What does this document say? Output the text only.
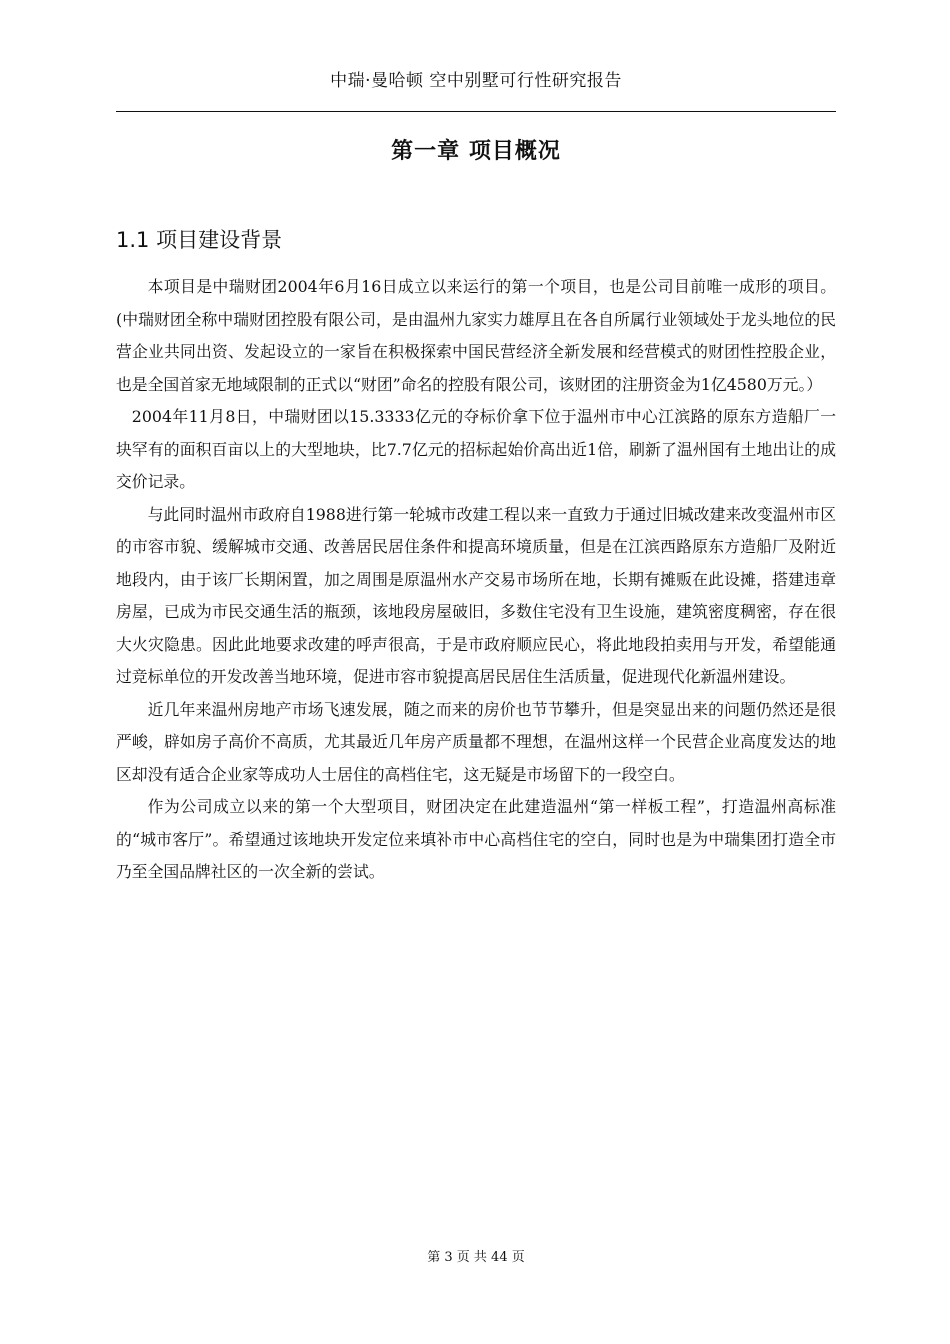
中瑞·曼哈顿 空中别墅可行性研究报告
第一章 项目概况
1.1 项目建设背景

本项目是中瑞财团2004年6月16日成立以来运行的第一个项目，也是公司目前唯一成形的项目。(中瑞财团全称中瑞财团控股有限公司，是由温州九家实力雄厚且在各自所属行业领域处于龙头地位的民营企业共同出资、发起设立的一家旨在积极探索中国民营经济全新发展和经营模式的财团性控股企业，也是全国首家无地域限制的正式以“财团”命名的控股有限公司，该财团的注册资金为1亿4580万元。）

2004年11月8日，中瑞财团以15.3333亿元的夺标价拿下位于温州市中心江滨路的原东方造船厂一块罕有的面积百亩以上的大型地块，比7.7亿元的招标起始价高出近1倍，刷新了温州国有土地出让的成交价记录。

与此同时温州市政府自1988进行第一轮城市改建工程以来一直致力于通过旧城改建来改变温州市区的市容市貌、缓解城市交通、改善居民居住条件和提高环境质量，但是在江滨西路原东方造船厂及附近地段内，由于该厂长期闲置，加之周围是原温州水产交易市场所在地，长期有摊贩在此设摊，搭建违章房屋，已成为市民交通生活的瓶颈，该地段房屋破旧，多数住宅没有卫生设施，建筑密度稠密，存在很大火灾隐患。因此此地要求改建的呼声很高，于是市政府顺应民心，将此地段拍卖用与开发，希望能通过竞标单位的开发改善当地环境，促进市容市貌提高居民居住生活质量，促进现代化新温州建设。

近几年来温州房地产市场飞速发展，随之而来的房价也节节攀升，但是突显出来的问题仍然还是很严峻，辟如房子高价不高质，尤其最近几年房产质量都不理想，在温州这样一个民营企业高度发达的地区却没有适合企业家等成功人士居住的高档住宅，这无疑是市场留下的一段空白。

作为公司成立以来的第一个大型项目，财团决定在此建造温州“第一样板工程”，打造温州高标准的“城市客厅”。希望通过该地块开发定位来填补市中心高档住宅的空白，同时也是为中瑞集团打造全市乃至全国品牌社区的一次全新的尝试。

第 3 页 共 44 页
